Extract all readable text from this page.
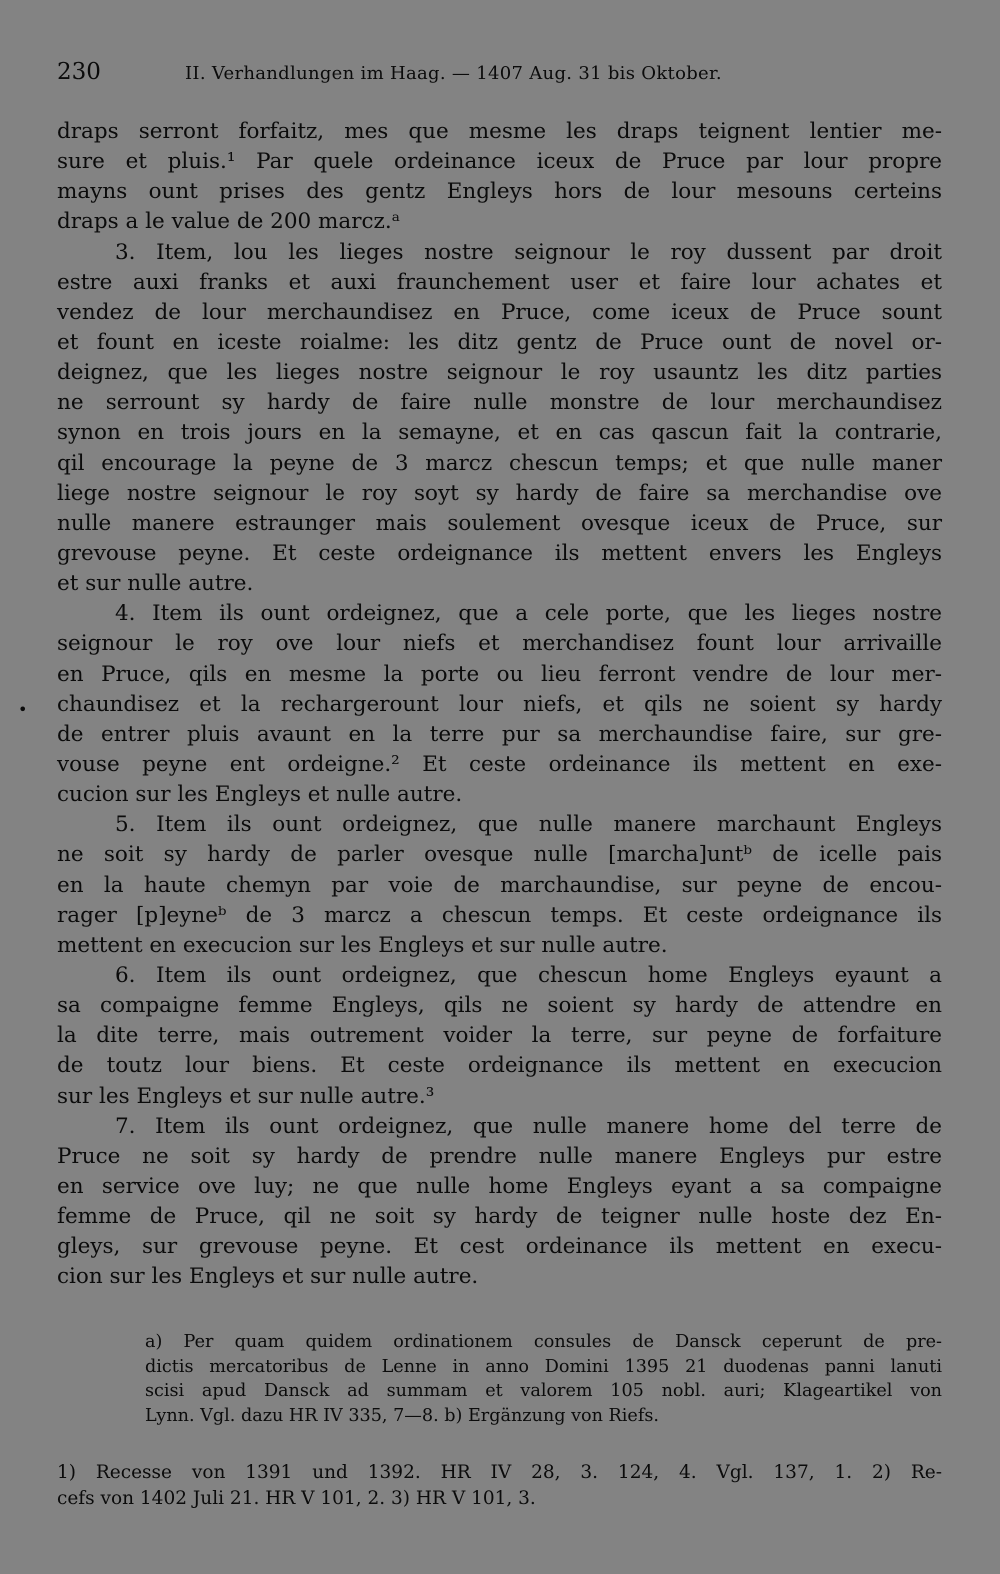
230	II. Verhandlungen im Haag. — 1407 Aug. 31 bis Oktober.
•
draps serront forfaitz, mes que mesme les draps teignent lentier me-
sure et pluis.¹ Par quele ordeinance iceux de Pruce par lour propre
mayns ount prises des gentz Engleys hors de lour mesouns certeins
draps a le value de 200 marcz.ᵃ
3. Item, lou les lieges nostre seignour le roy dussent par droit
estre auxi franks et auxi fraunchement user et faire lour achates et
vendez de lour merchaundisez en Pruce, come iceux de Pruce sount
et fount en iceste roialme: les ditz gentz de Pruce ount de novel or-
deignez, que les lieges nostre seignour le roy usauntz les ditz parties
ne serrount sy hardy de faire nulle monstre de lour merchaundisez
synon en trois jours en la semayne, et en cas qascun fait la contrarie,
qil encourage la peyne de 3 marcz chescun temps; et que nulle maner
liege nostre seignour le roy soyt sy hardy de faire sa merchandise ove
nulle manere estraunger mais soulement ovesque iceux de Pruce, sur
grevouse peyne. Et ceste ordeignance ils mettent envers les Engleys
et sur nulle autre.
4. Item ils ount ordeignez, que a cele porte, que les lieges nostre
seignour le roy ove lour niefs et merchandisez fount lour arrivaille
en Pruce, qils en mesme la porte ou lieu ferront vendre de lour mer-
chaundisez et la rechargerount lour niefs, et qils ne soient sy hardy
de entrer pluis avaunt en la terre pur sa merchaundise faire, sur gre-
vouse peyne ent ordeigne.² Et ceste ordeinance ils mettent en exe-
cucion sur les Engleys et nulle autre.
5. Item ils ount ordeignez, que nulle manere marchaunt Engleys
ne soit sy hardy de parler ovesque nulle [marcha]untᵇ de icelle pais
en la haute chemyn par voie de marchaundise, sur peyne de encou-
rager [p]eyneᵇ de 3 marcz a chescun temps. Et ceste ordeignance ils
mettent en execucion sur les Engleys et sur nulle autre.
6. Item ils ount ordeignez, que chescun home Engleys eyaunt a
sa compaigne femme Engleys, qils ne soient sy hardy de attendre en
la dite terre, mais outrement voider la terre, sur peyne de forfaiture
de toutz lour biens. Et ceste ordeignance ils mettent en execucion
sur les Engleys et sur nulle autre.³
7. Item ils ount ordeignez, que nulle manere home del terre de
Pruce ne soit sy hardy de prendre nulle manere Engleys pur estre
en service ove luy; ne que nulle home Engleys eyant a sa compaigne
femme de Pruce, qil ne soit sy hardy de teigner nulle hoste dez En-
gleys, sur grevouse peyne. Et cest ordeinance ils mettent en execu-
cion sur les Engleys et sur nulle autre.
a) Per quam quidem ordinationem consules de Dansck ceperunt de pre-
dictis mercatoribus de Lenne in anno Domini 1395 21 duodenas panni lanuti
scisi apud Dansck ad summam et valorem 105 nobl. auri; Klageartikel von
Lynn. Vgl. dazu HR IV 335, 7—8. b) Ergänzung von Riefs.
1) Recesse von 1391 und 1392. HR IV 28, 3. 124, 4. Vgl. 137, 1. 2) Re-
cefs von 1402 Juli 21. HR V 101, 2. 3) HR V 101, 3.
